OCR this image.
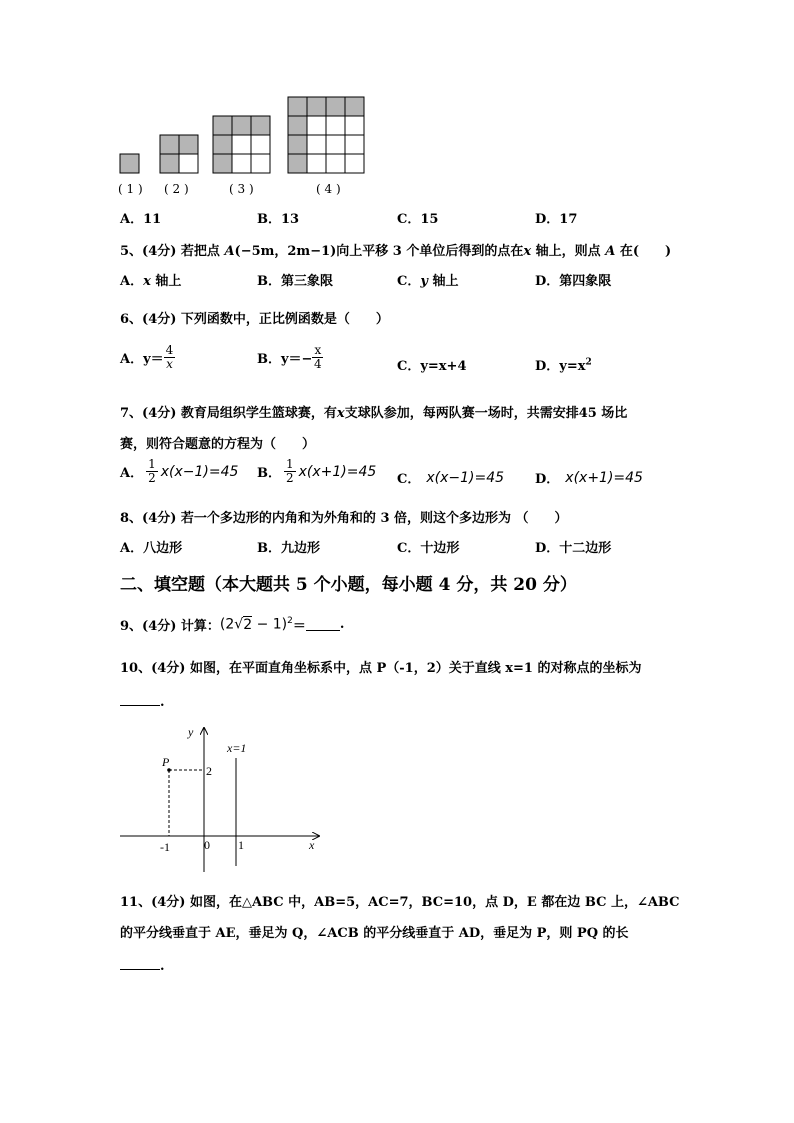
( 1 ) ( 2 )	( 3 )	( 4 )
A．11	B．13	C．15	D．17
5、(4分) 若把点 A(−5m，2m−1)向上平移 3 个单位后得到的点在x 轴上，则点 A 在(　　)
A．x 轴上	B．第三象限	C．y 轴上	D．第四象限
6、(4分) 下列函数中，正比例函数是（　　）
A． $y= \frac{4}{x}$	B． $y=- \frac{x}{4}$	C．y=x+4	D．$y=x^2$
7、(4分) 教育局组织学生篮球赛，有x支球队参加，每两队赛一场时，共需安排45 场比
赛，则符合题意的方程为（　　）
A． $\frac{1}{2} x(x-1)=45$ B． $\frac{1}{2} x(x+1)=45$ C． x(x−1)=45 D． x(x+1)=45
8、(4分) 若一个多边形的内角和为外角和的 3 倍，则这个多边形为 （　　）
A．八边形	B．九边形	C．十边形	D．十二边形
二、填空题（本大题共 5 个小题，每小题 4 分，共 20 分）
9、(4分) 计算： $(2√2 - 1)^2$ ＝	.
10、(4分) 如图，在平面直角坐标系中，点 P（-1，2）关于直线 x=1 的对称点的坐标为
.
y
x
x=1
P
2
-1	0 1
11、(4分) 如图，在△ABC 中，AB=5，AC=7，BC=10，点 D，E 都在边 BC 上，∠ABC
的平分线垂直于 AE，垂足为 Q，∠ACB 的平分线垂直于 AD，垂足为 P，则 PQ 的长
.
